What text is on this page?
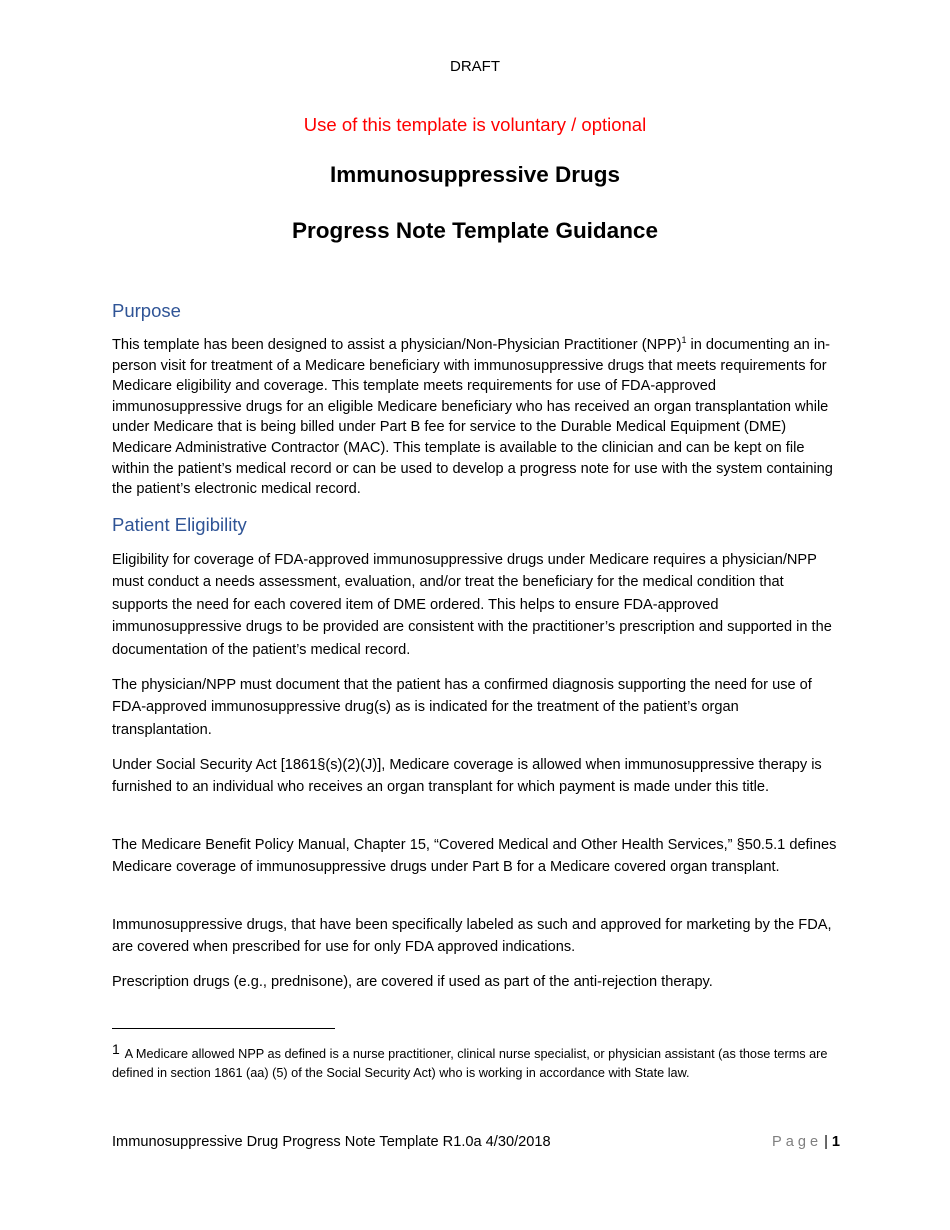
DRAFT
Use of this template is voluntary / optional
Immunosuppressive Drugs
Progress Note Template Guidance
Purpose

This template has been designed to assist a physician/Non-Physician Practitioner (NPP)$^1$ in documenting an in-person visit for treatment of a Medicare beneficiary with immunosuppressive drugs that meets requirements for Medicare eligibility and coverage. This template meets requirements for use of FDA-approved immunosuppressive drugs for an eligible Medicare beneficiary who has received an organ transplantation while under Medicare that is being billed under Part B fee for service to the Durable Medical Equipment (DME) Medicare Administrative Contractor (MAC). This template is available to the clinician and can be kept on file within the patient’s medical record or can be used to develop a progress note for use with the system containing the patient’s electronic medical record.

Patient Eligibility

Eligibility for coverage of FDA-approved immunosuppressive drugs under Medicare requires a physician/NPP must conduct a needs assessment, evaluation, and/or treat the beneficiary for the medical condition that supports the need for each covered item of DME ordered. This helps to ensure FDA-approved immunosuppressive drugs to be provided are consistent with the practitioner’s prescription and supported in the documentation of the patient’s medical record.

The physician/NPP must document that the patient has a confirmed diagnosis supporting the need for use of FDA-approved immunosuppressive drug(s) as is indicated for the treatment of the patient’s organ transplantation.

Under Social Security Act [1861§(s)(2)(J)], Medicare coverage is allowed when immunosuppressive therapy is furnished to an individual who receives an organ transplant for which payment is made under this title.

The Medicare Benefit Policy Manual, Chapter 15, “Covered Medical and Other Health Services,” §50.5.1 defines Medicare coverage of immunosuppressive drugs under Part B for a Medicare covered organ transplant.

Immunosuppressive drugs, that have been specifically labeled as such and approved for marketing by the FDA, are covered when prescribed for use for only FDA approved indications.

Prescription drugs (e.g., prednisone), are covered if used as part of the anti-rejection therapy.

1 A Medicare allowed NPP as defined is a nurse practitioner, clinical nurse specialist, or physician assistant (as those terms are defined in section 1861 (aa) (5) of the Social Security Act) who is working in accordance with State law.

Immunosuppressive Drug Progress Note Template R1.0a 4/30/2018	Page | 1
